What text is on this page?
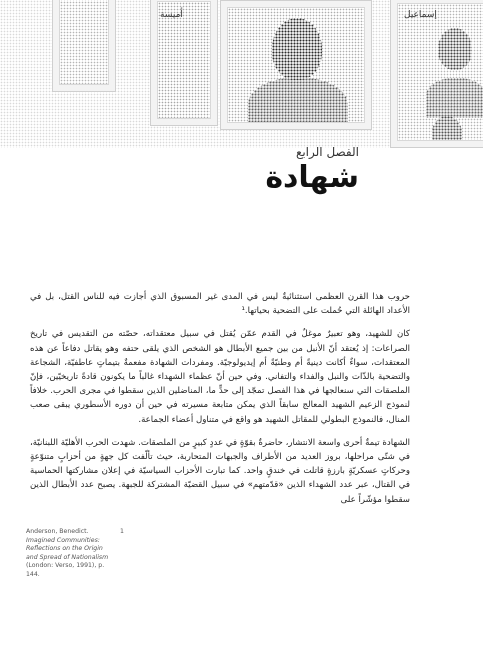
ﺃﻣﻴﺴﺔ	ﺇﺳﻤﺎﻋﻴﻞ
الفصل الرابع
شهادة

حروب هذا القرن العظمى استثنائيةٌ ليس في المدى غير المسبوق الذي أجازت فيه للناس القتل، بل في الأعداد الهائلة التي حُملت على التضحية بحياتها.¹

كان للشهيد، وهو تعبيرٌ موغلٌ في القدم عمّن يُقتل في سبيل معتقداته، حصّته من التقديس في تاريخ الصراعات: إذ يُعتقد أنّ الأنبل من بين جميع الأبطال هو الشخص الذي يلقى حتفه وهو يقاتل دفاعاً عن هذه المعتقدات، سواءٌ أكانت دينيةً أم وطنيّةً أم إيديولوجيّة. ومفردات الشهادة مفعمةٌ بتيماتٍ عاطفيّة، الشجاعة والتضحية بالذّات والنبل والفداء والتفاني. وفي حين أنّ عظماء الشهداء غالباً ما يكونون قادةً تاريخيّين، فإنّ الملصقات التي سنعالجها في هذا الفصل تمجّد إلى حدٍّ ما، المناضلين الذين سقطوا في مجرى الحرب. خلافاً لنموذج الزعيم الشهيد المعالج سابقاً الذي يمكن متابعة مسيرته في حين أن دوره الأسطوري يبقى صعب المنال، فالنموذج البطولي للمقاتل الشهيد هو واقع في متناول أعضاء الجماعة.

الشهادة تيمةٌ أحرى واسعة الانتشار، حاضرةٌ بقوّةٍ في عددٍ كبيرٍ من الملصقات. شهدت الحرب الأهليّة اللبنانيّة، في شتّى مراحلها، بروز العديد من الأطراف والجبهات المتحاربة، حيث تألّفت كل جهةٍ من أحزابٍ متنوّعةٍ وحركاتٍ عسكريّةٍ بارزةٍ قاتلت في خندقٍ واحد. كما تبارت الأحزاب السياسيّة في إعلان مشاركتها الحماسية في القتال، عبر عدد الشهداء الذين «قدّمتهم» في سبيل القضيّة المشتركة للجبهة. يصبح عدد الأبطال الذين سقطوا مؤشّراً على

Anderson, Benedict. Imagined Communities: Reflections on the Origin and Spread of Nationalism (London: Verso, 1991), p. 144.
1
